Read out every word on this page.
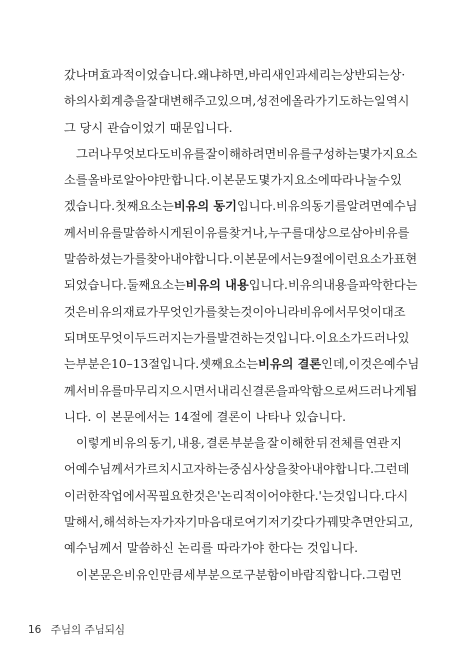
갔나며 효과적이었습니다. 왜냐하면, 바리새인과 세리는 상반되는 상·
하의 사회계층을 잘 대변해주고 있으며, 성전에 올라가 기도하는 일 역시
그 당시 관습이었기 때문입니다.
그러나 무엇보다도 비유를 잘 이해하려면 비유를 구성하는 몇 가지 요소
소를 올바로 알아야만 합니다. 이 본문도 몇 가지 요소에 따라 나눌 수 있
겠습니다. 첫째 요소는 비유의 동기입니다. 비유의 동기를 알려면 예수님
께서 비유를 말씀하시게 된 이유를 찾거나, 누구를 대상으로 삼아 비유를
말씀하셨는가를 찾아내야 합니다. 이 본문에서는 9절에 이런 요소가 표현
되었습니다. 둘째 요소는 비유의 내용입니다. 비유의 내용을 파악한다는
것은 비유의 재료가 무엇인가를 찾는 것이 아니라 비유에서 무엇이 대조
되며 또 무엇이 두드러지는가를 발견하는 것입니다. 이 요소가 드러나 있
는 부분은 10–13절입니다. 셋째 요소는 비유의 결론인데, 이것은 예수님
께서 비유를 마무리 지으시면서 내리신 결론을 파악함으로써 드러나게 됩
니다. 이 본문에서는 14절에 결론이 나타나 있습니다.
이렇게 비유의 동기, 내용, 결론 부분을 잘 이해한 뒤 전체를 연관 지
어 예수님께서 가르치시고자 하는 중심사상을 찾아내야 합니다. 그런데
이러한 작업에서 꼭 필요한 것은 '논리적이어야 한다.'는 것입니다. 다시
말해서, 해석하는 자가 자기 마음대로 여기저기 갖다가 꿰맞추면 안 되고,
예수님께서 말씀하신 논리를 따라가야 한다는 것입니다.
이 본문은 비유인 만큼 세 부분으로 구분함이 바람직합니다. 그럼 먼
16 주님의 주님되심
